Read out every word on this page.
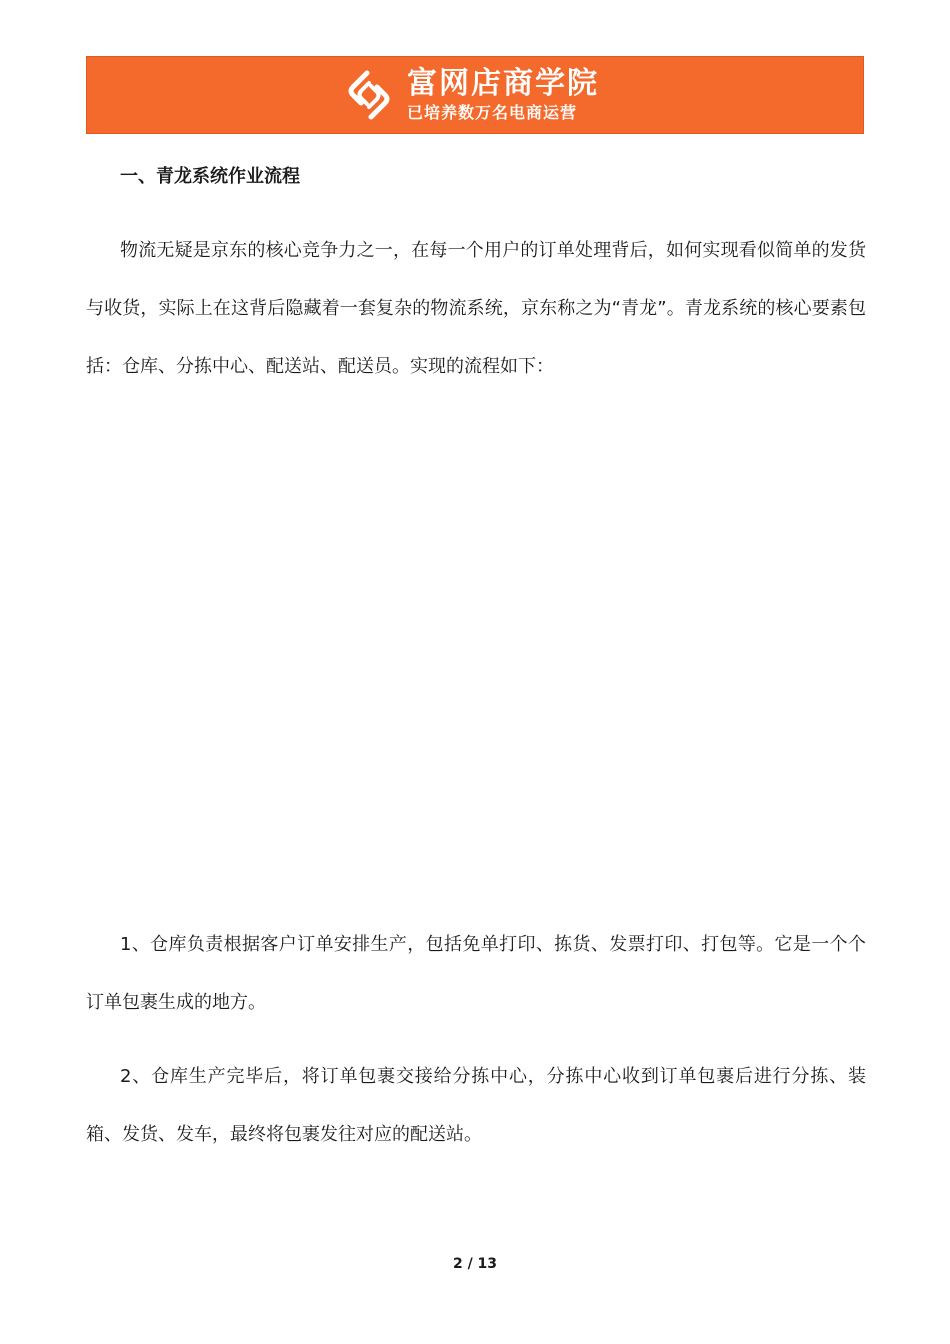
富网店商学院
已培养数万名电商运营
一、青龙系统作业流程

物流无疑是京东的核心竞争力之一，在每一个用户的订单处理背后，如何实现看似简单的发货与收货，实际上在这背后隐藏着一套复杂的物流系统，京东称之为“青龙”。青龙系统的核心要素包括：仓库、分拣中心、配送站、配送员。实现的流程如下：

1、仓库负责根据客户订单安排生产，包括免单打印、拣货、发票打印、打包等。它是一个个订单包裹生成的地方。

2、仓库生产完毕后，将订单包裹交接给分拣中心，分拣中心收到订单包裹后进行分拣、装箱、发货、发车，最终将包裹发往对应的配送站。

2 / 13
